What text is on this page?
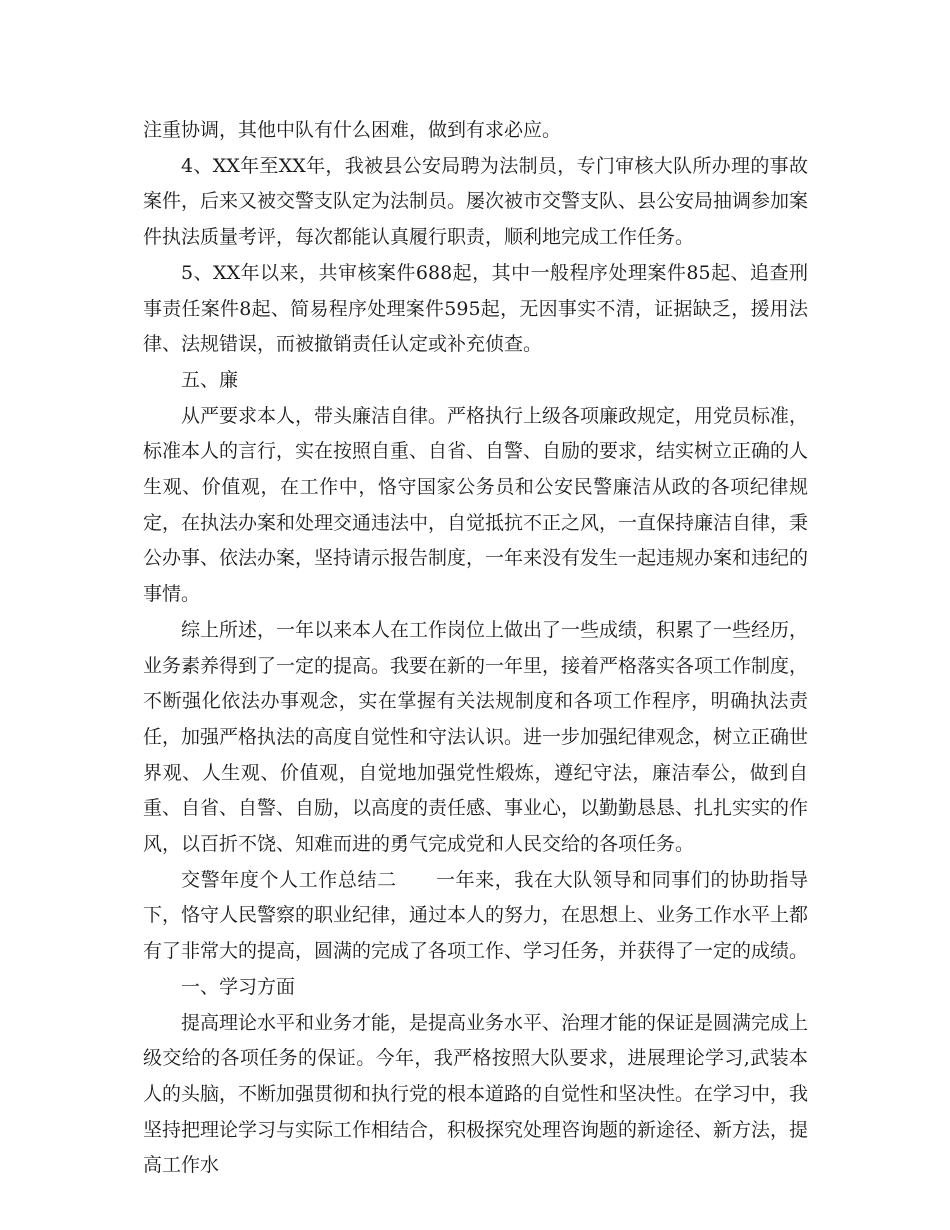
注重协调，其他中队有什么困难，做到有求必应。

4、XX年至XX年，我被县公安局聘为法制员，专门审核大队所办理的事故案件，后来又被交警支队定为法制员。屡次被市交警支队、县公安局抽调参加案件执法质量考评，每次都能认真履行职责，顺利地完成工作任务。

5、XX年以来，共审核案件688起，其中一般程序处理案件85起、追查刑事责任案件8起、简易程序处理案件595起，无因事实不清，证据缺乏，援用法律、法规错误，而被撤销责任认定或补充侦查。

五、廉

从严要求本人，带头廉洁自律。严格执行上级各项廉政规定，用党员标准，标准本人的言行，实在按照自重、自省、自警、自励的要求，结实树立正确的人生观、价值观，在工作中，恪守国家公务员和公安民警廉洁从政的各项纪律规定，在执法办案和处理交通违法中，自觉抵抗不正之风，一直保持廉洁自律，秉公办事、依法办案，坚持请示报告制度，一年来没有发生一起违规办案和违纪的事情。

综上所述，一年以来本人在工作岗位上做出了一些成绩，积累了一些经历，业务素养得到了一定的提高。我要在新的一年里，接着严格落实各项工作制度，不断强化依法办事观念，实在掌握有关法规制度和各项工作程序，明确执法责任，加强严格执法的高度自觉性和守法认识。进一步加强纪律观念，树立正确世界观、人生观、价值观，自觉地加强党性煅炼，遵纪守法，廉洁奉公，做到自重、自省、自警、自励，以高度的责任感、事业心，以勤勤恳恳、扎扎实实的作风，以百折不饶、知难而进的勇气完成党和人民交给的各项任务。

交警年度个人工作总结二　　一年来，我在大队领导和同事们的协助指导下，恪守人民警察的职业纪律，通过本人的努力，在思想上、业务工作水平上都有了非常大的提高，圆满的完成了各项工作、学习任务，并获得了一定的成绩。

一、学习方面

提高理论水平和业务才能，是提高业务水平、治理才能的保证是圆满完成上级交给的各项任务的保证。今年，我严格按照大队要求，进展理论学习,武装本人的头脑，不断加强贯彻和执行党的根本道路的自觉性和坚决性。在学习中，我坚持把理论学习与实际工作相结合，积极探究处理咨询题的新途径、新方法，提高工作水
